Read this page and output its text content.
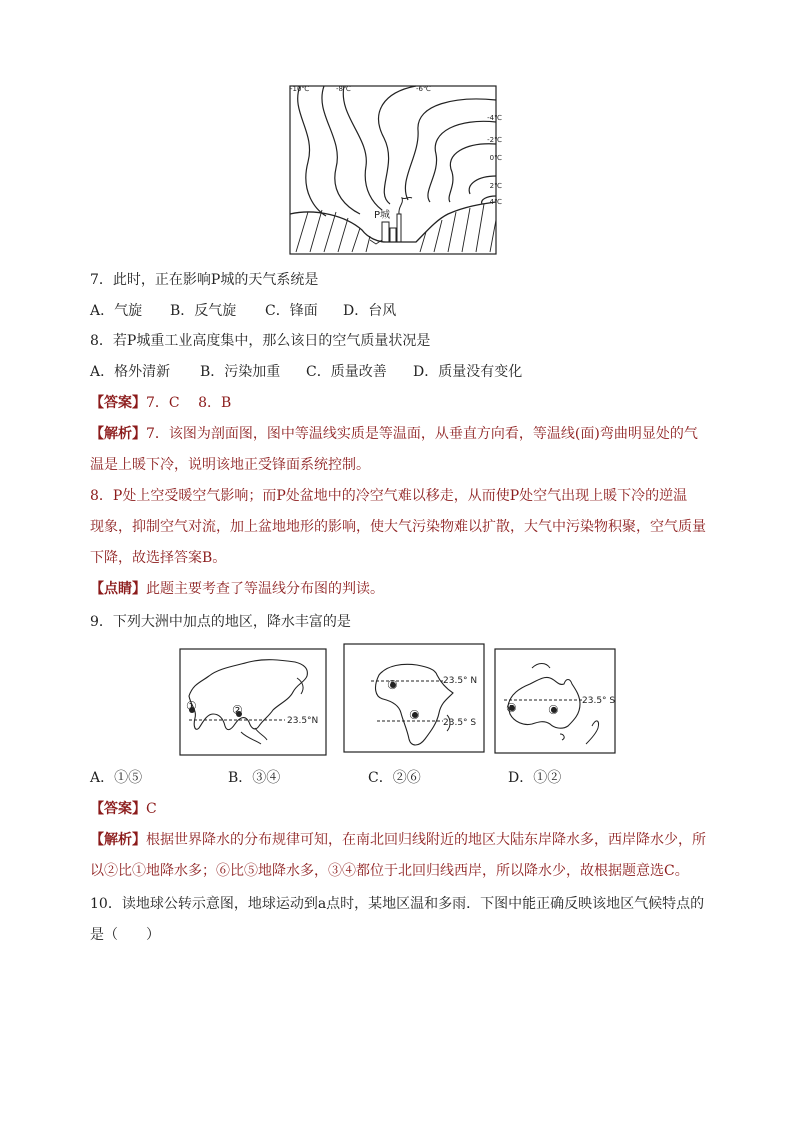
P城
-10℃	-8℃	-6℃
-4℃
-2℃
0℃
2℃
4℃
7．此时，正在影响P城的天气系统是
A．气旋 B．反气旋 C．锋面 D．台风
8．若P城重工业高度集中，那么该日的空气质量状况是
A．格外清新 B．污染加重 C．质量改善 D．质量没有变化
【答案】7．C　 8．B
【解析】7．该图为剖面图，图中等温线实质是等温面，从垂直方向看，等温线(面)弯曲明显处的气
温是上暖下冷，说明该地正受锋面系统控制。
8．P处上空受暖空气影响；而P处盆地中的冷空气难以移走，从而使P处空气出现上暖下冷的逆温
现象，抑制空气对流，加上盆地地形的影响，使大气污染物难以扩散，大气中污染物积聚，空气质量
下降，故选择答案B。
【点睛】此题主要考查了等温线分布图的判读。
9．下列大洲中加点的地区，降水丰富的是
①	②
23.5°N
③
④
23.5° N
23.5° S
⑤	⑥
23.5° S
A．①⑤	B．③④	C．②⑥	D．①②
【答案】C
【解析】根据世界降水的分布规律可知，在南北回归线附近的地区大陆东岸降水多，西岸降水少，所
以②比①地降水多；⑥比⑤地降水多，③④都位于北回归线西岸，所以降水少，故根据题意选C。
10．读地球公转示意图，地球运动到a点时，某地区温和多雨．下图中能正确反映该地区气候特点的
是（　　）
